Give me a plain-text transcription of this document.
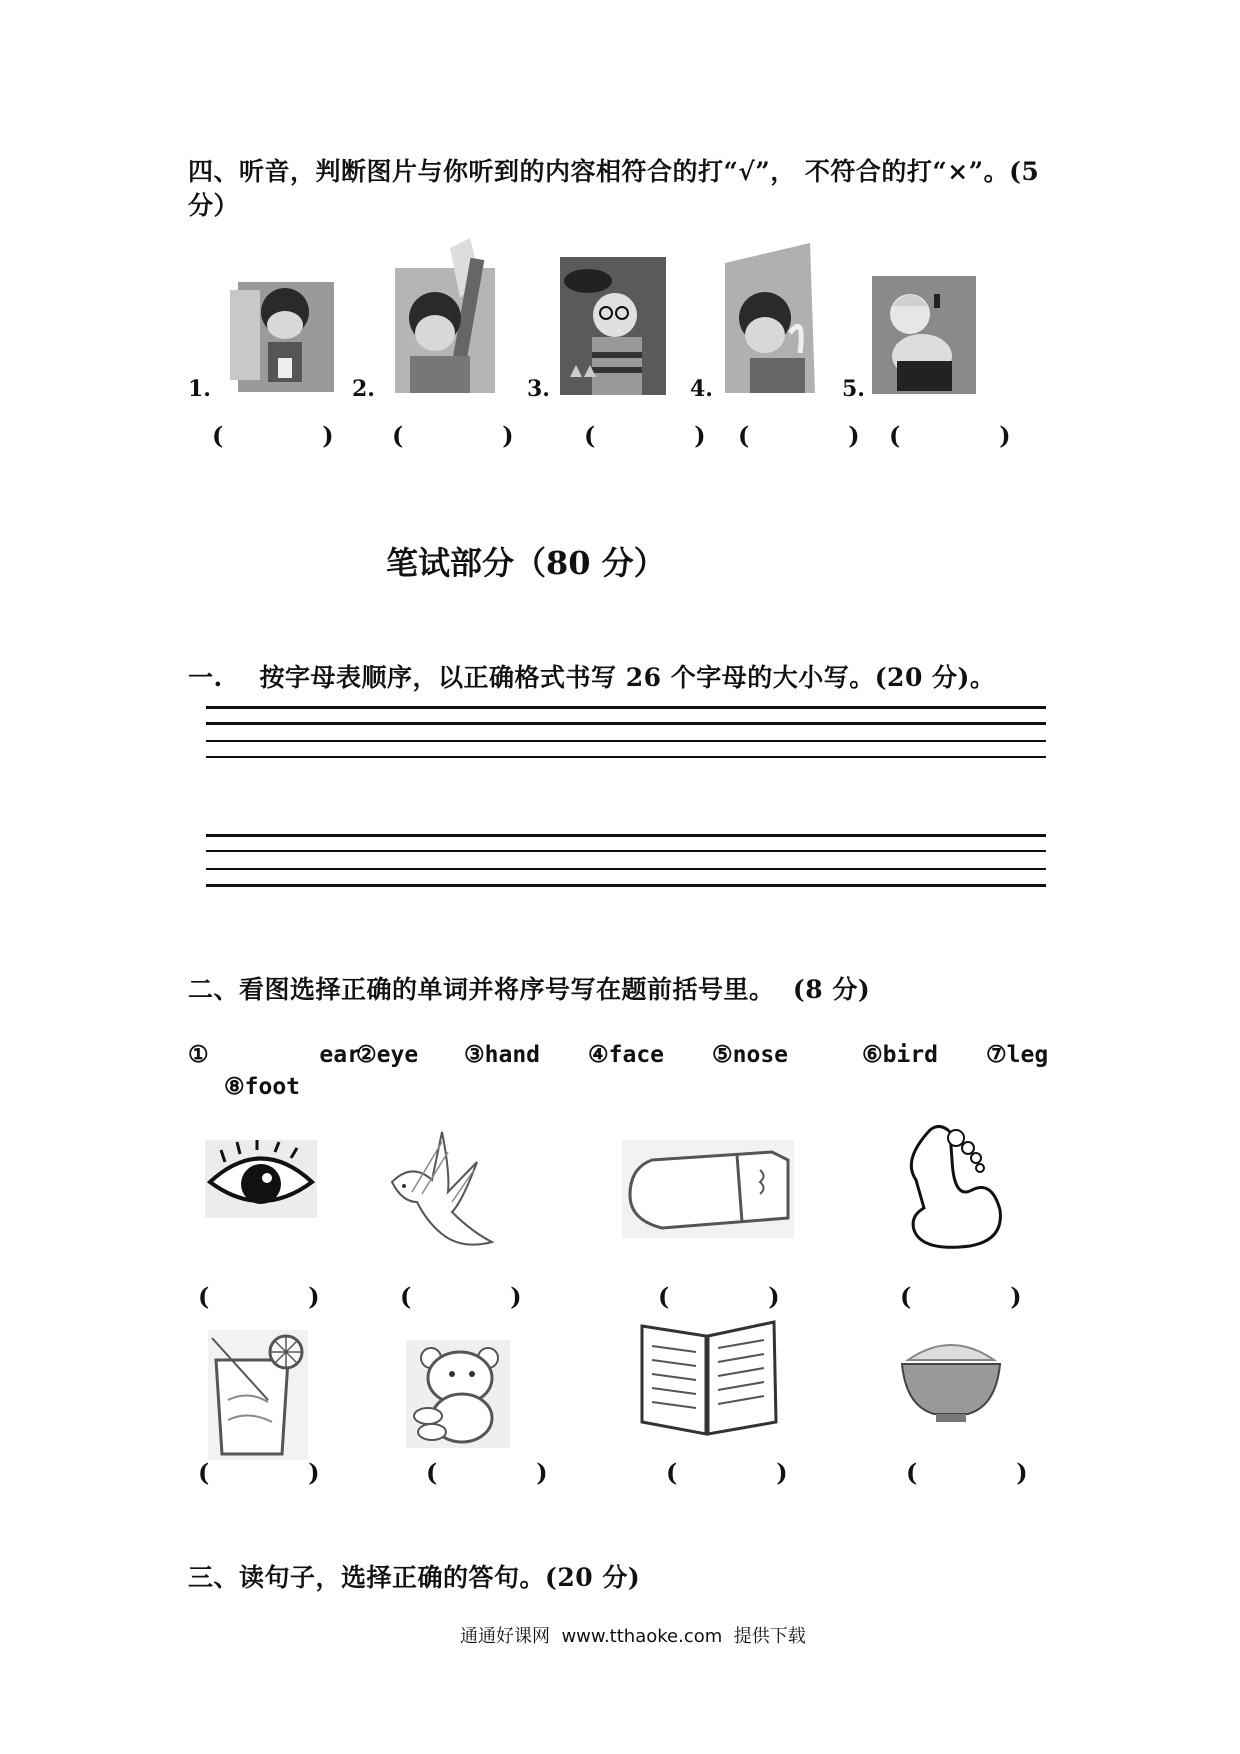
四、听音，判断图片与你听到的内容相符合的打“√”， 不符合的打“×”。(5
分）
1.	2.	3.	4.	5.
(        ) (        )	(        ) (        ) (        )
笔试部分（80 分）
一.    按字母表顺序，以正确格式书写 26 个字母的大小写。(20 分)。
二、看图选择正确的单词并将序号写在题前括号里。  (8 分)
①        ear
②eye ③hand ④face ⑤nose	⑥bird ⑦leg
⑧foot
(        )	(        )	(        )	(        )
(        )	(        )	(        )	(        )
三、读句子，选择正确的答句。(20 分)
通通好课网  www.tthaoke.com  提供下载
